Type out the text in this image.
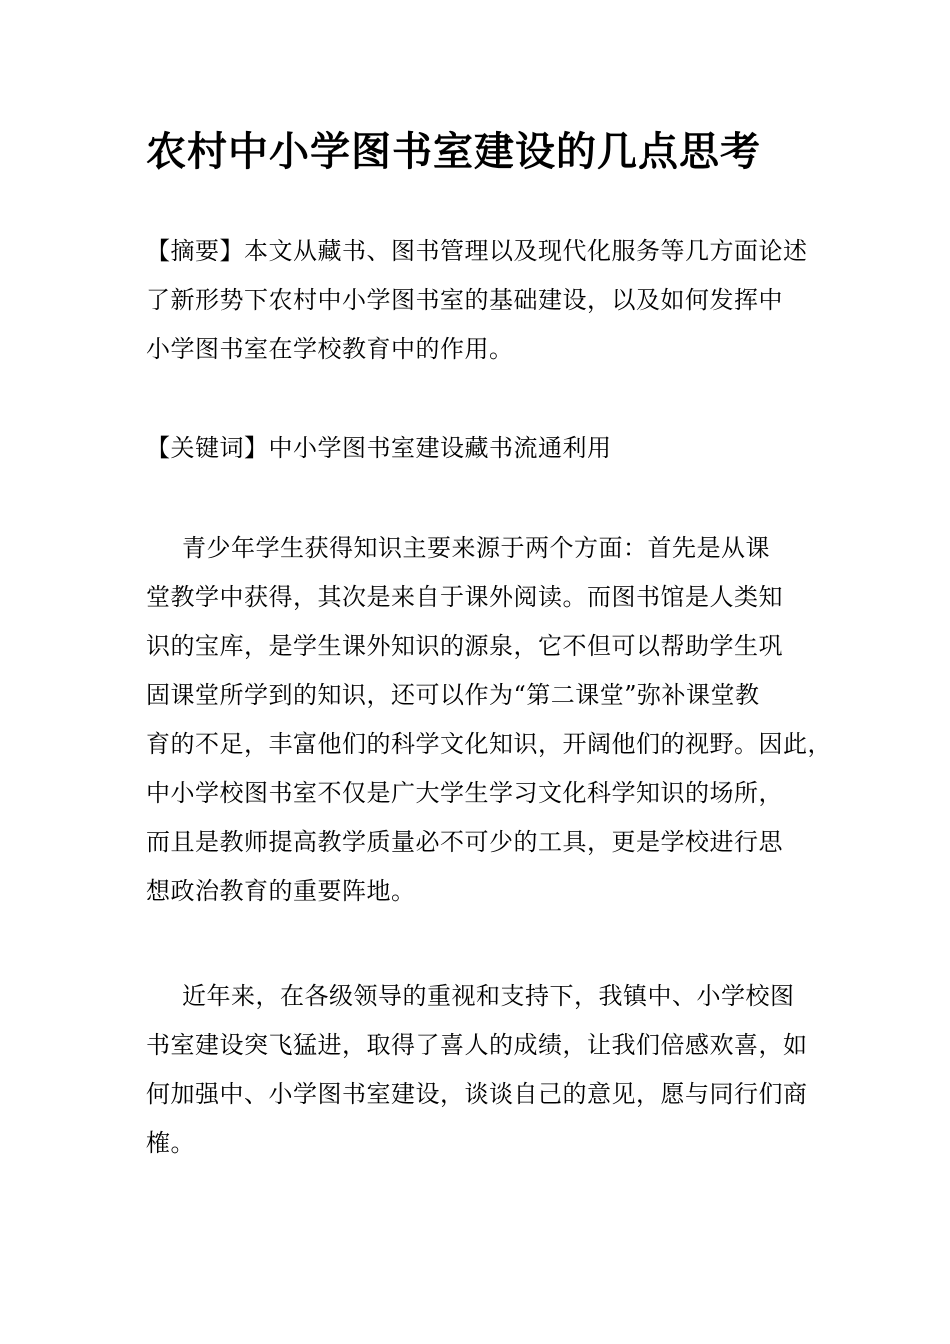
农村中小学图书室建设的几点思考
【摘要】本文从藏书、图书管理以及现代化服务等几方面论述
了新形势下农村中小学图书室的基础建设，以及如何发挥中
小学图书室在学校教育中的作用。
【关键词】中小学图书室建设藏书流通利用
青少年学生获得知识主要来源于两个方面：首先是从课
堂教学中获得，其次是来自于课外阅读。而图书馆是人类知
识的宝库，是学生课外知识的源泉，它不但可以帮助学生巩
固课堂所学到的知识，还可以作为“第二课堂”弥补课堂教
育的不足，丰富他们的科学文化知识，开阔他们的视野。因此，
中小学校图书室不仅是广大学生学习文化科学知识的场所，
而且是教师提高教学质量必不可少的工具，更是学校进行思
想政治教育的重要阵地。
近年来，在各级领导的重视和支持下，我镇中、小学校图
书室建设突飞猛进，取得了喜人的成绩，让我们倍感欢喜，如
何加强中、小学图书室建设，谈谈自己的意见，愿与同行们商
榷。
